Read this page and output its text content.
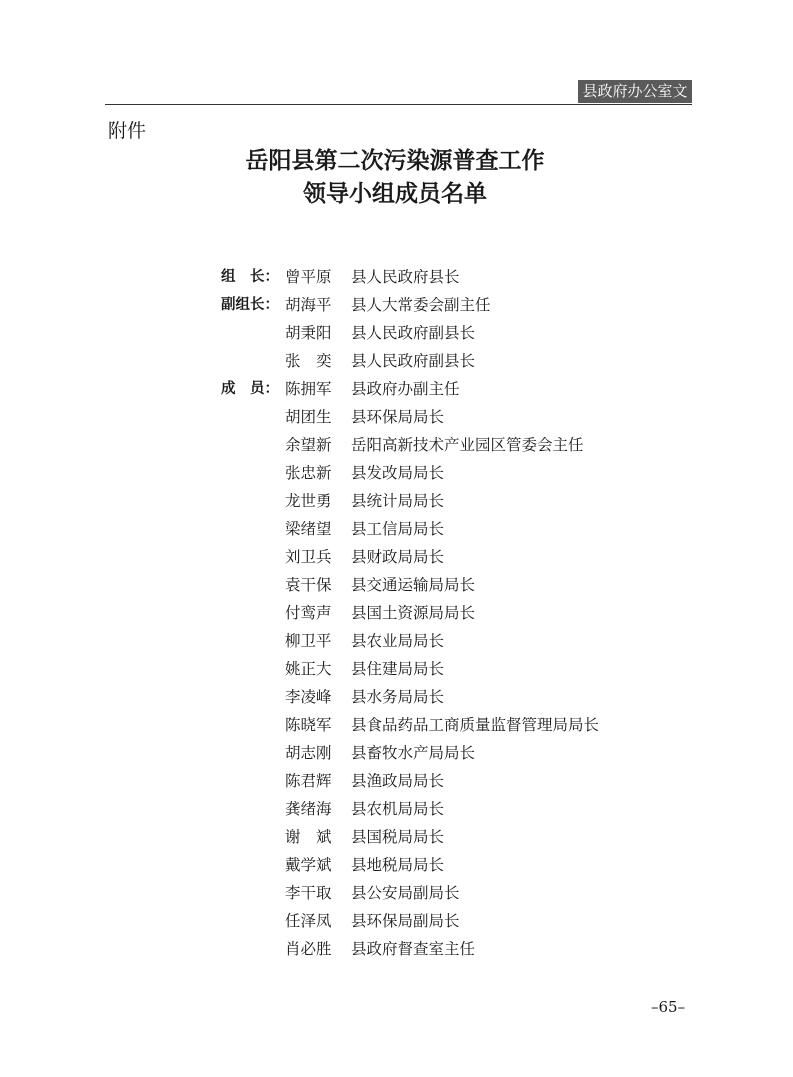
县政府办公室文件
附件
岳阳县第二次污染源普查工作
领导小组成员名单
组　长： 曾平原	县人民政府县长
副组长： 胡海平	县人大常委会副主任
胡秉阳	县人民政府副县长
张　奕	县人民政府副县长
成　员： 陈拥军	县政府办副主任
胡团生	县环保局局长
余望新	岳阳高新技术产业园区管委会主任
张忠新	县发改局局长
龙世勇	县统计局局长
梁绪望	县工信局局长
刘卫兵	县财政局局长
袁干保	县交通运输局局长
付鸾声	县国土资源局局长
柳卫平	县农业局局长
姚正大	县住建局局长
李凌峰	县水务局局长
陈晓军	县食品药品工商质量监督管理局局长
胡志刚	县畜牧水产局局长
陈君辉	县渔政局局长
龚绪海	县农机局局长
谢　斌	县国税局局长
戴学斌	县地税局局长
李干取	县公安局副局长
任泽凤	县环保局副局长
肖必胜	县政府督查室主任
–65–
